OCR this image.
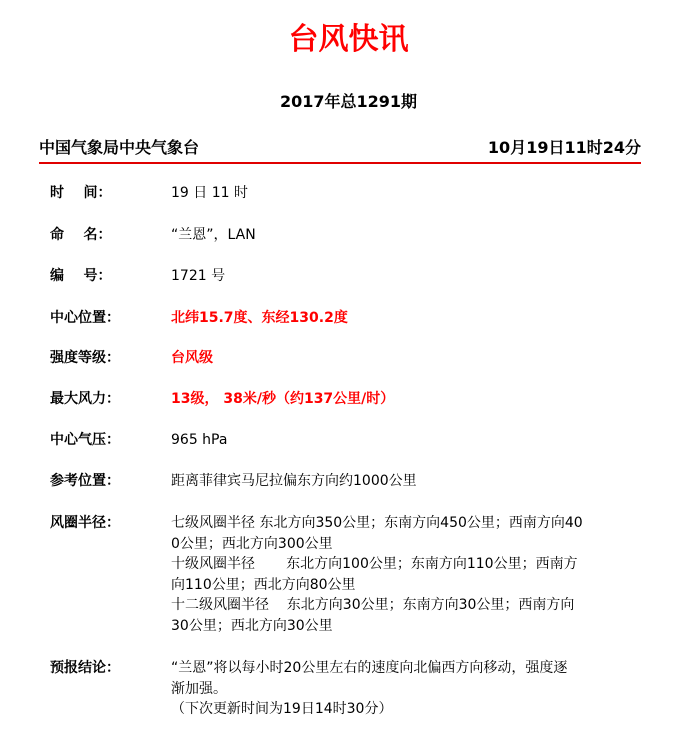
台风快讯
2017年总1291期
中国气象局中央气象台	10月19日11时24分
时    间：	19 日 11 时
命    名：	“兰恩”，LAN
编    号：	1721 号
中心位置：	北纬15.7度、东经130.2度
强度等级：	台风级
最大风力：	13级， 38米/秒（约137公里/时）
中心气压：	965 hPa
参考位置：	距离菲律宾马尼拉偏东方向约1000公里
风圈半径：	七级风圈半径 东北方向350公里；东南方向450公里；西南方向40
0公里；西北方向300公里
十级风圈半径       东北方向100公里；东南方向110公里；西南方
向110公里；西北方向80公里
十二级风圈半径    东北方向30公里；东南方向30公里；西南方向
30公里；西北方向30公里
预报结论：	“兰恩”将以每小时20公里左右的速度向北偏西方向移动，强度逐
渐加强。
（下次更新时间为19日14时30分）
